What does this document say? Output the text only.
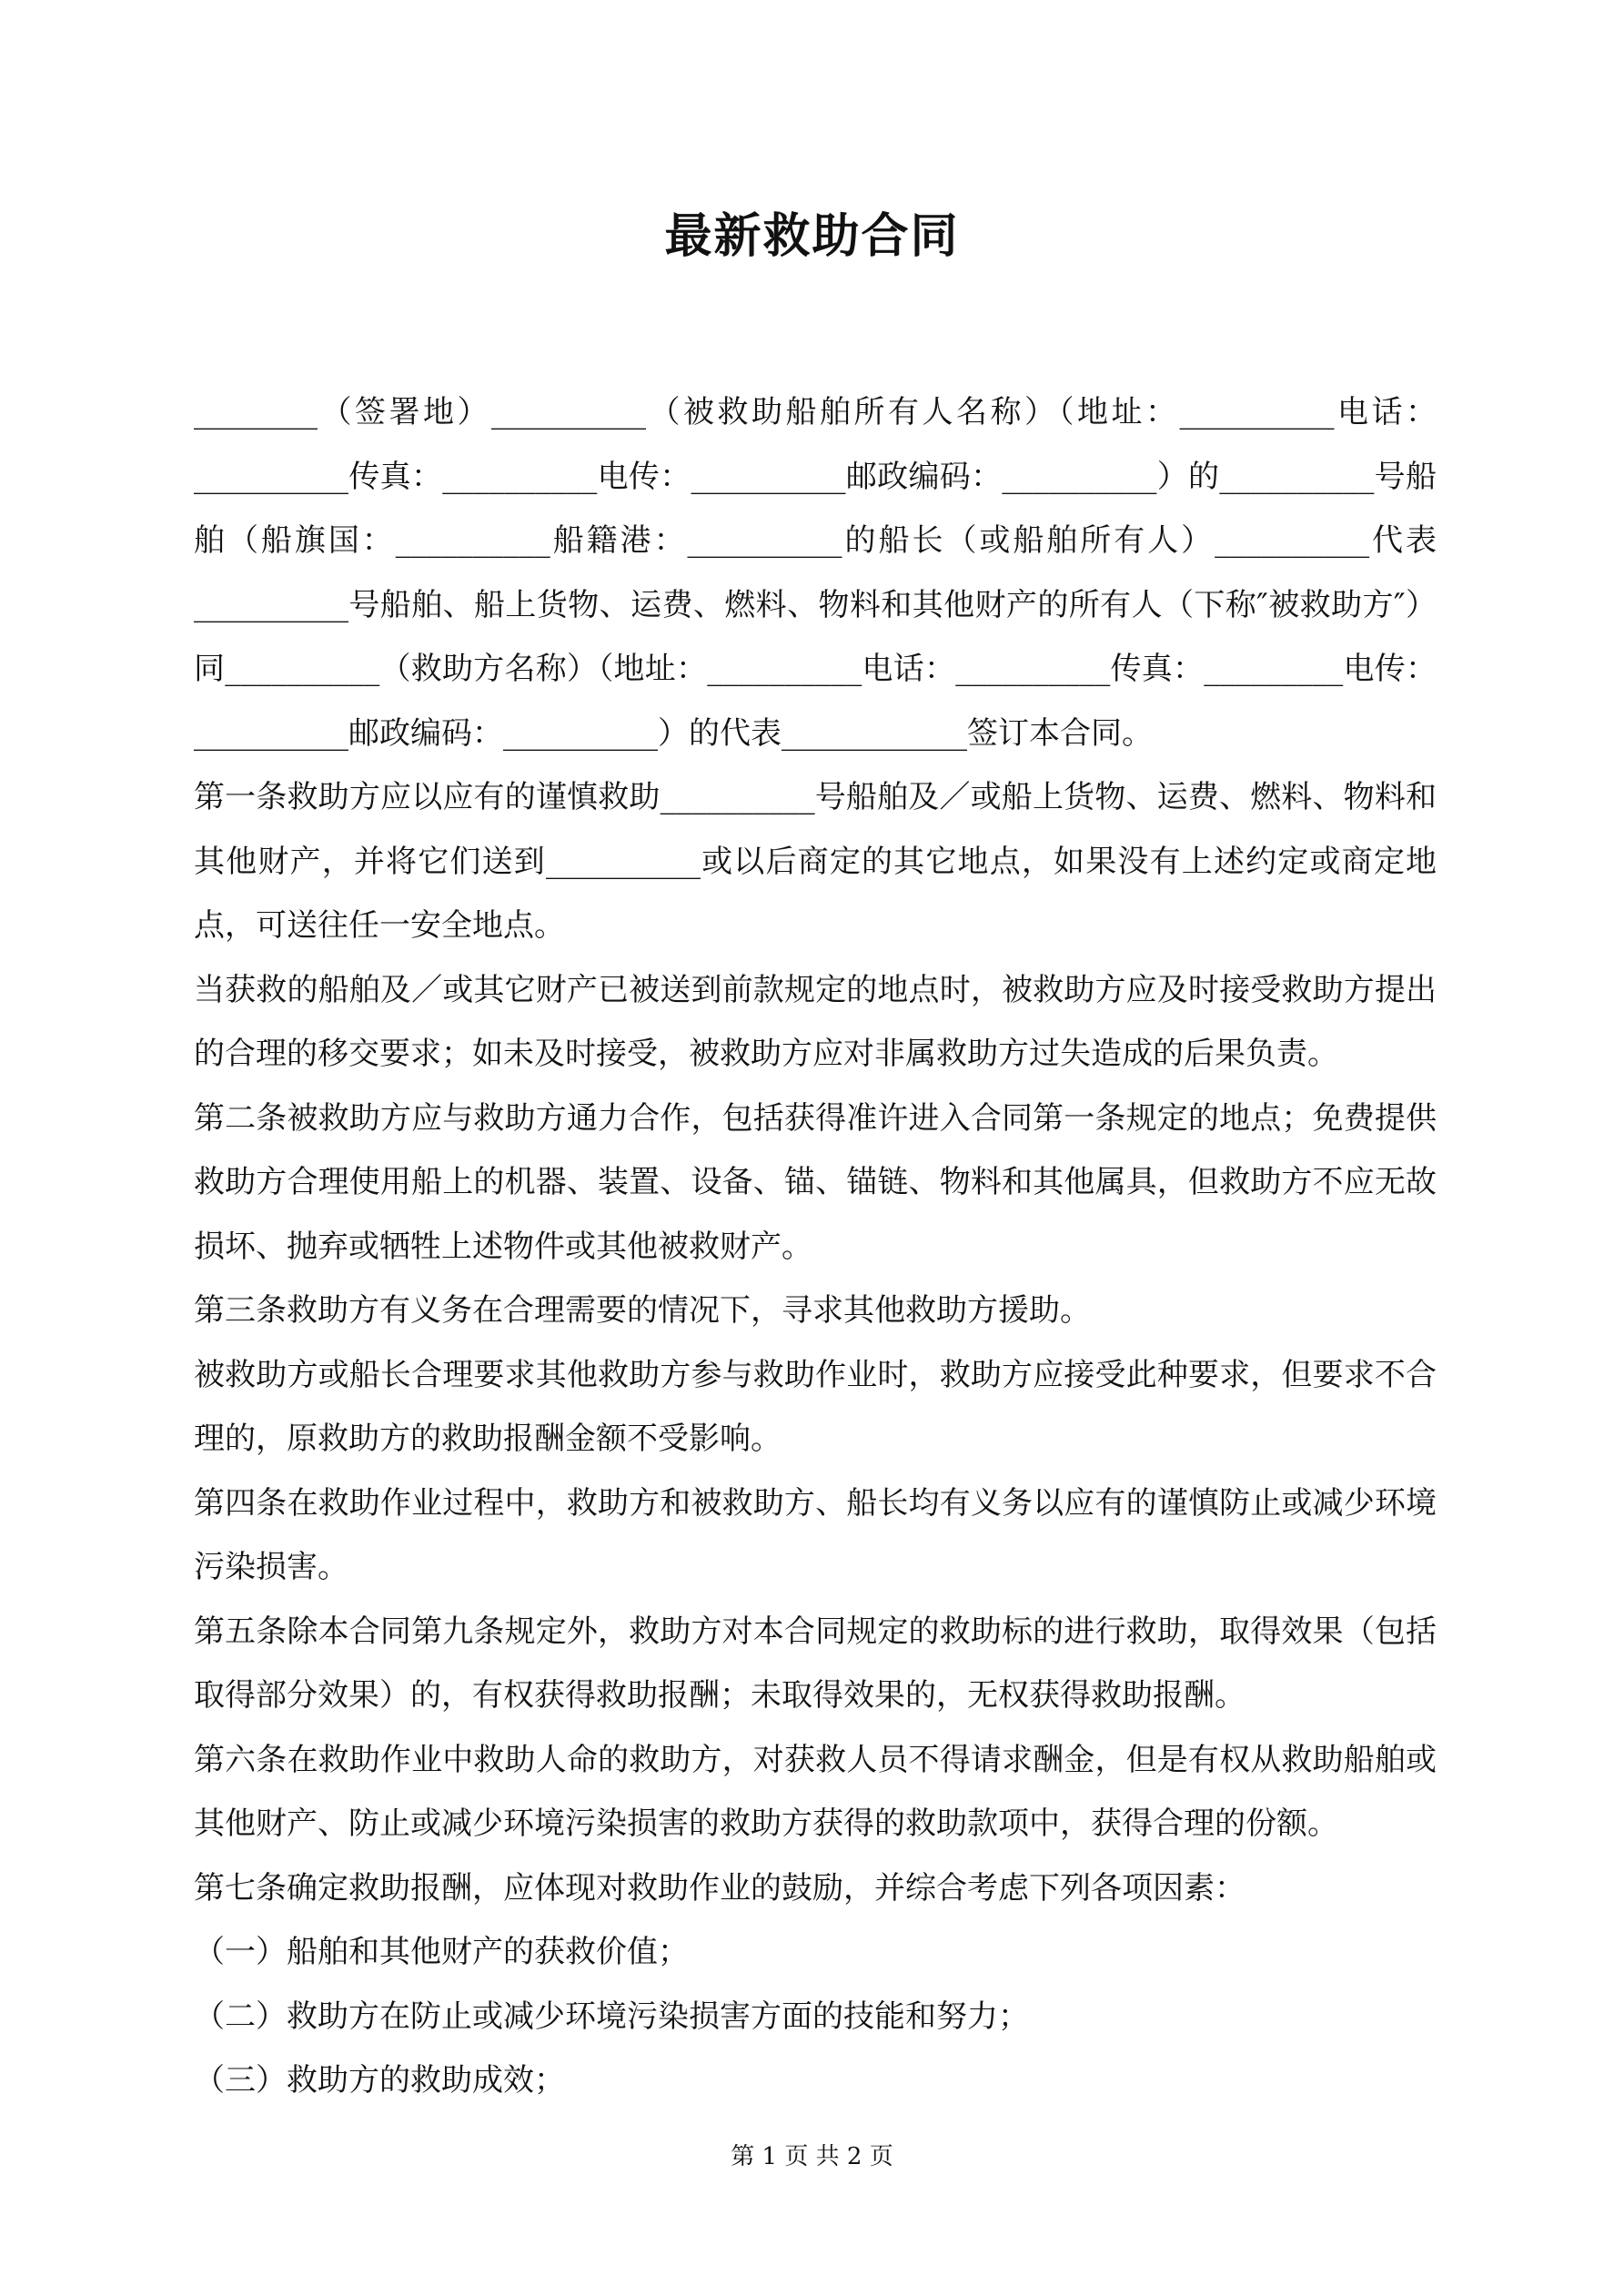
最新救助合同

________（签署地）__________（被救助船舶所有人名称）（地址：__________电话：__________传真：__________电传：__________邮政编码：__________）的__________号船舶（船旗国：__________船籍港：__________的船长（或船舶所有人）__________代表__________号船舶、船上货物、运费、燃料、物料和其他财产的所有人（下称″被救助方″）同__________（救助方名称）（地址：__________电话：__________传真：_________电传：__________邮政编码：__________）的代表____________签订本合同。

第一条救助方应以应有的谨慎救助__________号船舶及／或船上货物、运费、燃料、物料和其他财产，并将它们送到__________或以后商定的其它地点，如果没有上述约定或商定地点，可送往任一安全地点。

当获救的船舶及／或其它财产已被送到前款规定的地点时，被救助方应及时接受救助方提出的合理的移交要求；如未及时接受，被救助方应对非属救助方过失造成的后果负责。

第二条被救助方应与救助方通力合作，包括获得准许进入合同第一条规定的地点；免费提供救助方合理使用船上的机器、装置、设备、锚、锚链、物料和其他属具，但救助方不应无故损坏、抛弃或牺牲上述物件或其他被救财产。

第三条救助方有义务在合理需要的情况下，寻求其他救助方援助。

被救助方或船长合理要求其他救助方参与救助作业时，救助方应接受此种要求，但要求不合理的，原救助方的救助报酬金额不受影响。

第四条在救助作业过程中，救助方和被救助方、船长均有义务以应有的谨慎防止或减少环境污染损害。

第五条除本合同第九条规定外，救助方对本合同规定的救助标的进行救助，取得效果（包括取得部分效果）的，有权获得救助报酬；未取得效果的，无权获得救助报酬。

第六条在救助作业中救助人命的救助方，对获救人员不得请求酬金，但是有权从救助船舶或其他财产、防止或减少环境污染损害的救助方获得的救助款项中，获得合理的份额。

第七条确定救助报酬，应体现对救助作业的鼓励，并综合考虑下列各项因素：

（一）船舶和其他财产的获救价值；

（二）救助方在防止或减少环境污染损害方面的技能和努力；

（三）救助方的救助成效；

第 1 页 共 2 页
